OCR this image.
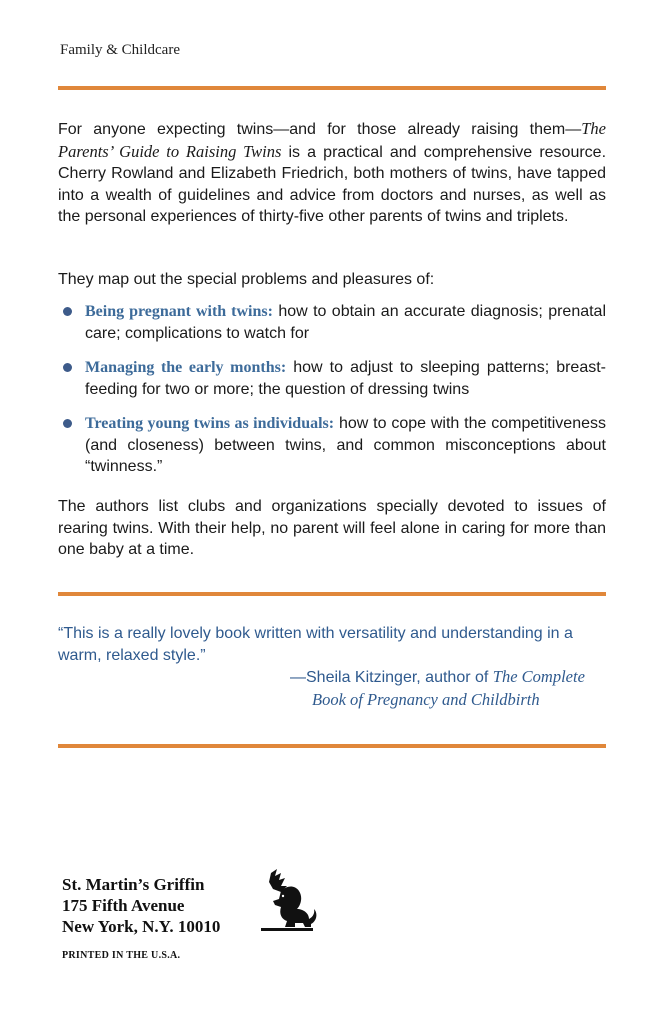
Family & Childcare
For anyone expecting twins—and for those already raising them—The Parents’ Guide to Raising Twins is a practical and comprehensive resource. Cherry Rowland and Elizabeth Friedrich, both mothers of twins, have tapped into a wealth of guidelines and advice from doctors and nurses, as well as the personal experiences of thirty-five other parents of twins and triplets.
They map out the special problems and pleasures of:
Being pregnant with twins: how to obtain an accurate diagnosis; prenatal care; complications to watch for
Managing the early months: how to adjust to sleeping patterns; breast-feeding for two or more; the question of dressing twins
Treating young twins as individuals: how to cope with the competitiveness (and closeness) between twins, and common misconceptions about “twinness.”
The authors list clubs and organizations specially devoted to issues of rearing twins. With their help, no parent will feel alone in caring for more than one baby at a time.
“This is a really lovely book written with versatility and understanding in a warm, relaxed style.”
—Sheila Kitzinger, author of The Complete
Book of Pregnancy and Childbirth
St. Martin’s Griffin
175 Fifth Avenue
New York, N.Y. 10010
PRINTED IN THE U.S.A.
